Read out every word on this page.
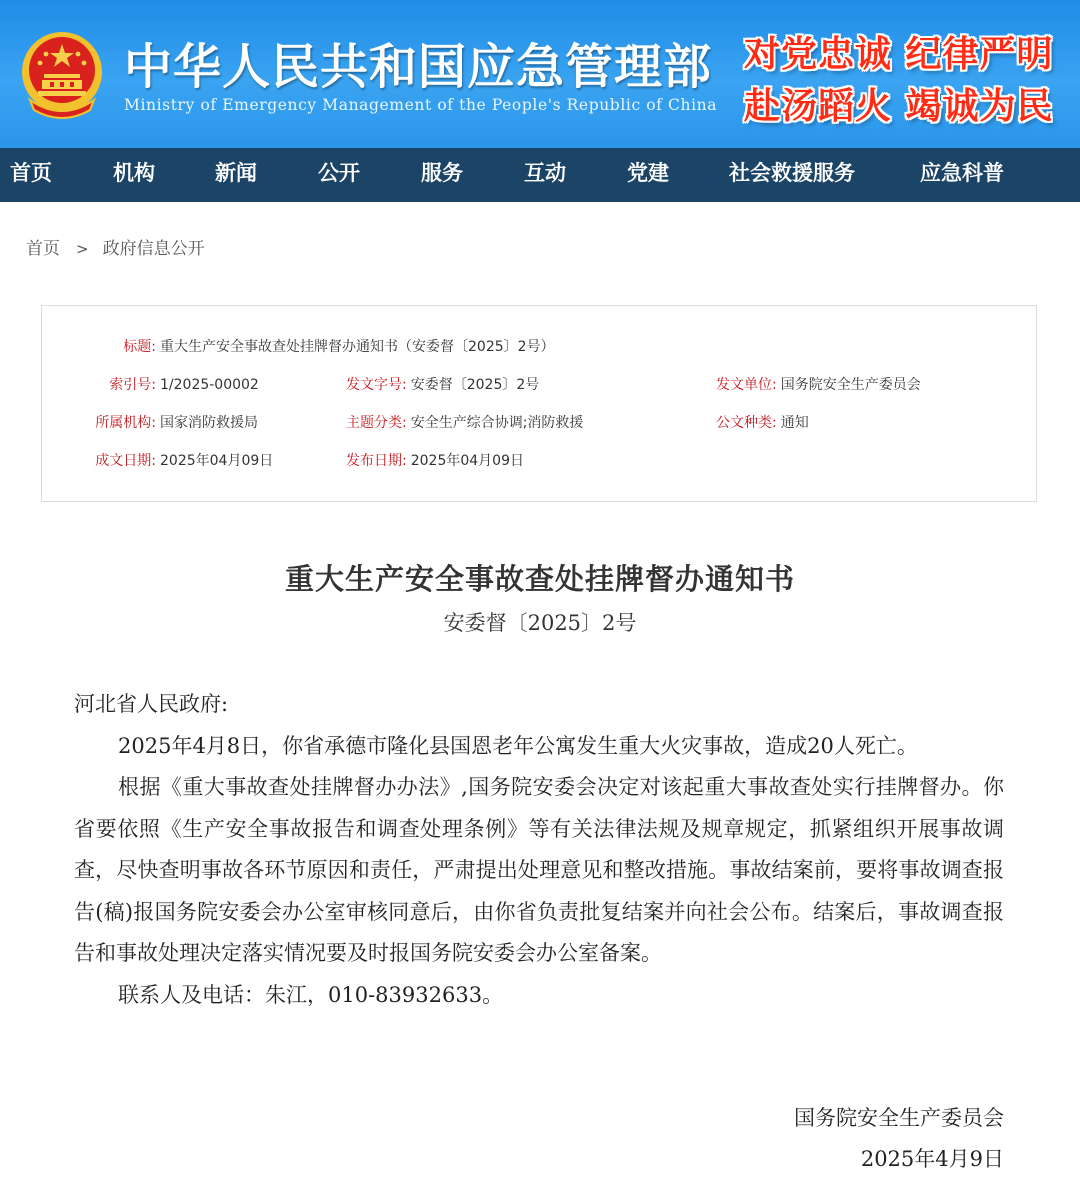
中华人民共和国应急管理部
Ministry of Emergency Management of the People's Republic of China
对党忠诚 纪律严明
赴汤蹈火 竭诚为民
首页	机构	新闻	公开	服务	互动	党建	社会救援服务	应急科普
首页 > 政府信息公开
标题: 重大生产安全事故查处挂牌督办通知书（安委督〔2025〕2号）
索引号: 1/2025-00002	发文字号: 安委督〔2025〕2号	发文单位: 国务院安全生产委员会
所属机构: 国家消防救援局	主题分类: 安全生产综合协调;消防救援	公文种类: 通知
成文日期: 2025年04月09日	发布日期: 2025年04月09日
重大生产安全事故查处挂牌督办通知书
安委督〔2025〕2号

河北省人民政府:

2025年4月8日，你省承德市隆化县国恩老年公寓发生重大火灾事故，造成20人死亡。

根据《重大事故查处挂牌督办办法》,国务院安委会决定对该起重大事故查处实行挂牌督办。你省要依照《生产安全事故报告和调查处理条例》等有关法律法规及规章规定，抓紧组织开展事故调查，尽快查明事故各环节原因和责任，严肃提出处理意见和整改措施。事故结案前，要将事故调查报告(稿)报国务院安委会办公室审核同意后，由你省负责批复结案并向社会公布。结案后，事故调查报告和事故处理决定落实情况要及时报国务院安委会办公室备案。

联系人及电话：朱江，010-83932633。

国务院安全生产委员会
2025年4月9日
